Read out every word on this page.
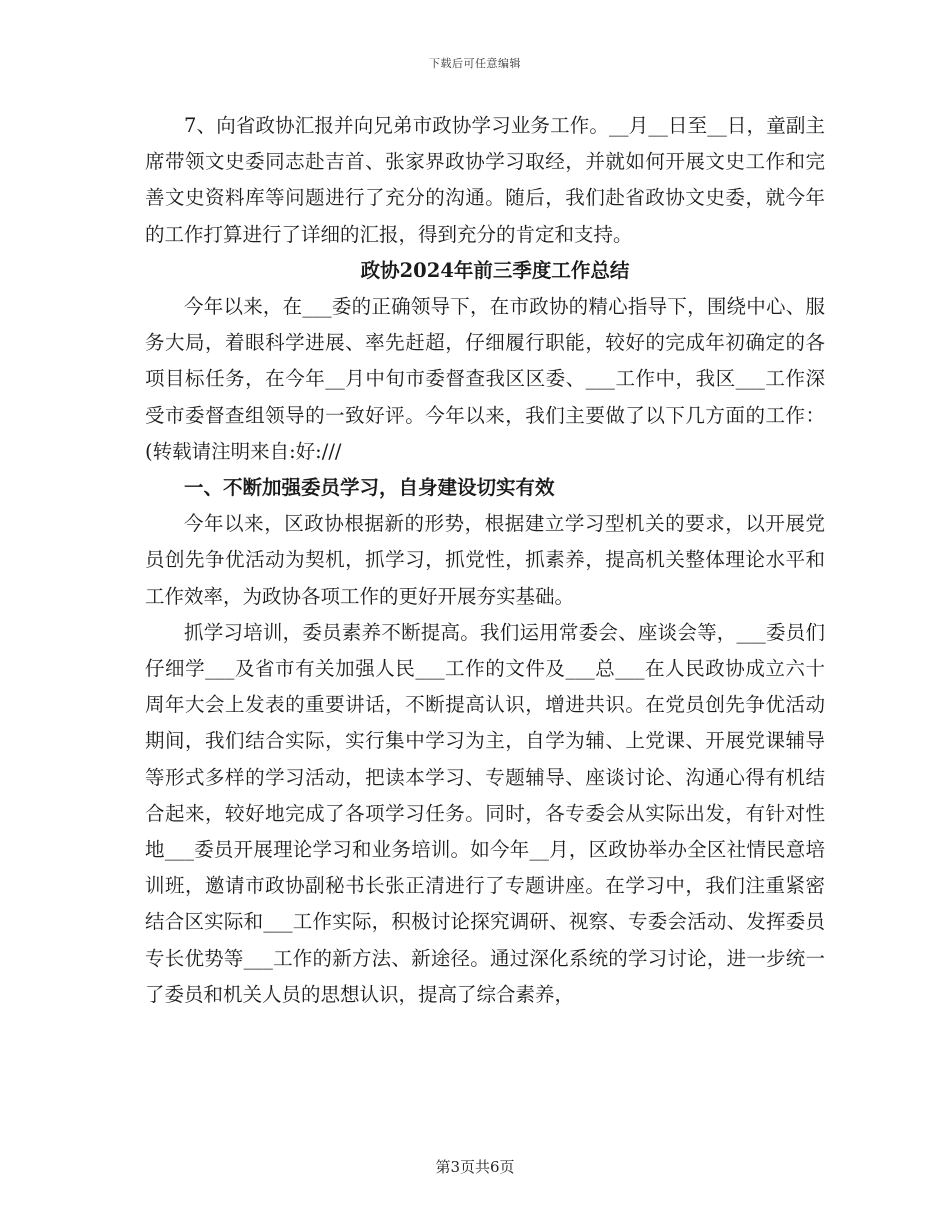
下载后可任意编辑

7、向省政协汇报并向兄弟市政协学习业务工作。__月__日至__日，童副主席带领文史委同志赴吉首、张家界政协学习取经，并就如何开展文史工作和完善文史资料库等问题进行了充分的沟通。随后，我们赴省政协文史委，就今年的工作打算进行了详细的汇报，得到充分的肯定和支持。

政协2024年前三季度工作总结

今年以来，在___委的正确领导下，在市政协的精心指导下，围绕中心、服务大局，着眼科学进展、率先赶超，仔细履行职能，较好的完成年初确定的各项目标任务，在今年__月中旬市委督查我区区委、___工作中，我区___工作深受市委督查组领导的一致好评。今年以来，我们主要做了以下几方面的工作：(转载请注明来自:好:///

一、不断加强委员学习，自身建设切实有效

今年以来，区政协根据新的形势，根据建立学习型机关的要求，以开展党员创先争优活动为契机，抓学习，抓党性，抓素养，提高机关整体理论水平和工作效率，为政协各项工作的更好开展夯实基础。

抓学习培训，委员素养不断提高。我们运用常委会、座谈会等，___委员们仔细学___及省市有关加强人民___工作的文件及___总___在人民政协成立六十周年大会上发表的重要讲话，不断提高认识，增进共识。在党员创先争优活动期间，我们结合实际，实行集中学习为主，自学为辅、上党课、开展党课辅导等形式多样的学习活动，把读本学习、专题辅导、座谈讨论、沟通心得有机结合起来，较好地完成了各项学习任务。同时，各专委会从实际出发，有针对性地___委员开展理论学习和业务培训。如今年__月，区政协举办全区社情民意培训班，邀请市政协副秘书长张正清进行了专题讲座。在学习中，我们注重紧密结合区实际和___工作实际，积极讨论探究调研、视察、专委会活动、发挥委员专长优势等___工作的新方法、新途径。通过深化系统的学习讨论，进一步统一了委员和机关人员的思想认识，提高了综合素养，

第3页共6页
